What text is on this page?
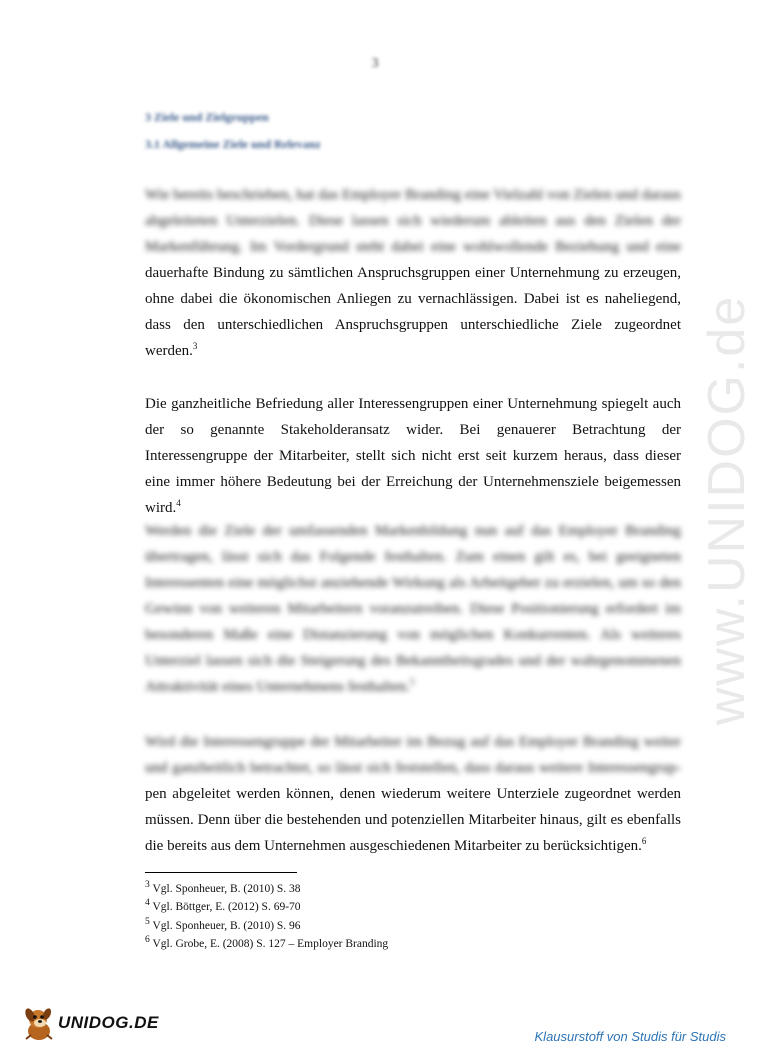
www.UNIDOG.de
3
3 Ziele und Zielgruppen
3.1 Allgemeine Ziele und Relevanz
Wie bereits beschrieben, hat das Employer Branding eine Vielzahl von Zielen und daraus abgeleiteten Unterzielen. Diese lassen sich wiederum ableiten aus den Zielen der Markenführung. Im Vordergrund steht dabei eine wohlwollende Beziehung und eine dauerhafte Bindung zu sämtlichen Anspruchsgruppen einer Unternehmung zu erzeugen, ohne dabei die ökonomischen Anliegen zu vernachlässigen. Dabei ist es naheliegend, dass den unterschiedlichen Anspruchsgruppen unterschiedliche Ziele zugeordnet werden.$^3$
Die ganzheitliche Befriedung aller Interessengruppen einer Unternehmung spiegelt auch der so genannte Stakeholderansatz wider. Bei genauerer Betrachtung der Interessengruppe der Mitarbeiter, stellt sich nicht erst seit kurzem heraus, dass dieser eine immer höhere Bedeutung bei der Erreichung der Unternehmensziele beigemessen wird.$^4$
Werden die Ziele der umfassenden Markenbildung nun auf das Employer Branding übertragen, lässt sich das Folgende festhalten. Zum einen gilt es, bei geeigneten Interessenten eine möglichst anziehende Wirkung als Arbeitgeber zu erzielen, um so den Gewinn von weiteren Mitarbeitern voranzutreiben. Diese Positionierung erfordert im besonderen Maße eine Distanzierung von möglichen Konkurrenten. Als weiteres Unterziel lassen sich die Steigerung des Bekanntheitsgrades und der wahrgenommenen Attraktivität eines Unternehmens festhalten.$^5$
Wird die Interessengruppe der Mitarbeiter im Bezug auf das Employer Branding weiter und ganzheitlich betrachtet, so lässt sich feststellen, dass daraus weitere Interessengrup- pen abgeleitet werden können, denen wiederum weitere Unterziele zugeordnet werden müssen. Denn über die bestehenden und potenziellen Mitarbeiter hinaus, gilt es ebenfalls die bereits aus dem Unternehmen ausgeschiedenen Mitarbeiter zu berücksichtigen.$^6$
$^3$ Vgl. Sponheuer, B. (2010) S. 38
$^4$ Vgl. Böttger, E. (2012) S. 69-70
$^5$ Vgl. Sponheuer, B. (2010) S. 96
$^6$ Vgl. Grobe, E. (2008) S. 127 – Employer Branding
UNIDOG.DE
Klausurstoff von Studis für Studis
